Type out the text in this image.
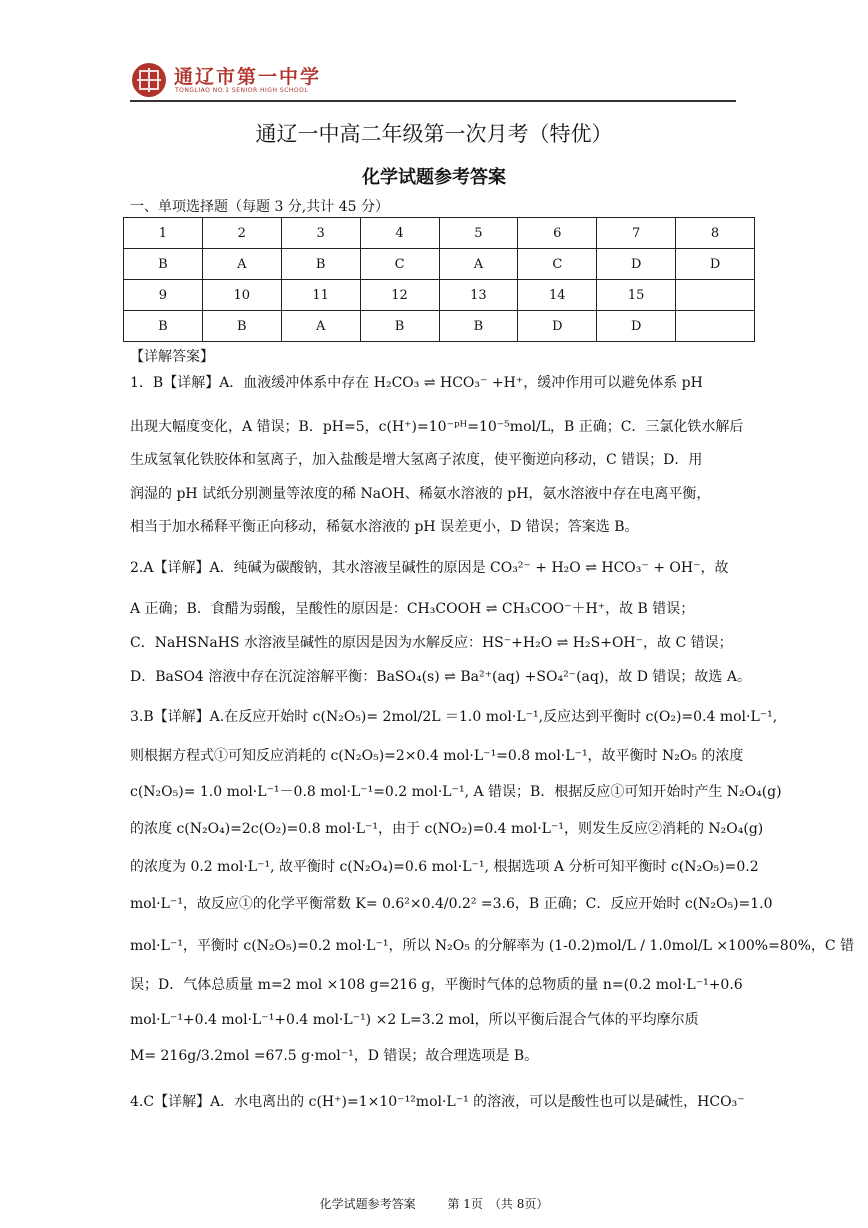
通辽市第一中学
TONGLIAO NO.1 SENIOR HIGH SCHOOL
通辽一中高二年级第一次月考（特优）
化学试题参考答案
一、单项选择题（每题 3 分,共计 45 分）
1	2	3	4	5	6	7	8
B	A	B	C	A	C	D	D
9	10	11	12	13	14	15	
B	B	A	B	B	D	D	
【详解答案】
1．B【详解】A．血液缓冲体系中存在 H₂CO₃ ⇌ HCO₃⁻ +H⁺，缓冲作用可以避免体系 pH
出现大幅度变化，A 错误；B．pH=5，c(H⁺)=10⁻ᵖᴴ=10⁻⁵mol/L，B 正确；C．三氯化铁水解后
生成氢氧化铁胶体和氢离子，加入盐酸是增大氢离子浓度，使平衡逆向移动，C 错误；D．用
润湿的 pH 试纸分别测量等浓度的稀 NaOH、稀氨水溶液的 pH，氨水溶液中存在电离平衡，
相当于加水稀释平衡正向移动，稀氨水溶液的 pH 误差更小，D 错误；答案选 B。
2.A【详解】A．纯碱为碳酸钠，其水溶液呈碱性的原因是 CO₃²⁻ + H₂O ⇌ HCO₃⁻ + OH⁻，故
A 正确；B．食醋为弱酸，呈酸性的原因是：CH₃COOH ⇌ CH₃COO⁻＋H⁺，故 B 错误；
C．NaHSNaHS 水溶液呈碱性的原因是因为水解反应：HS⁻+H₂O ⇌ H₂S+OH⁻，故 C 错误；
D．BaSO4 溶液中存在沉淀溶解平衡：BaSO₄(s) ⇌ Ba²⁺(aq) +SO₄²⁻(aq)，故 D 错误；故选 A。
3.B【详解】A.在反应开始时 c(N₂O₅)= 2mol/2L ＝1.0 mol·L⁻¹,反应达到平衡时 c(O₂)=0.4 mol·L⁻¹,
则根据方程式①可知反应消耗的 c(N₂O₅)=2×0.4 mol·L⁻¹=0.8 mol·L⁻¹，故平衡时 N₂O₅ 的浓度
c(N₂O₅)= 1.0 mol·L⁻¹－0.8 mol·L⁻¹=0.2 mol·L⁻¹, A 错误；B．根据反应①可知开始时产生 N₂O₄(g)
的浓度 c(N₂O₄)=2c(O₂)=0.8 mol·L⁻¹，由于 c(NO₂)=0.4 mol·L⁻¹，则发生反应②消耗的 N₂O₄(g)
的浓度为 0.2 mol·L⁻¹, 故平衡时 c(N₂O₄)=0.6 mol·L⁻¹, 根据选项 A 分析可知平衡时 c(N₂O₅)=0.2
mol·L⁻¹，故反应①的化学平衡常数 K= 0.6²×0.4/0.2² =3.6，B 正确；C．反应开始时 c(N₂O₅)=1.0
mol·L⁻¹，平衡时 c(N₂O₅)=0.2 mol·L⁻¹，所以 N₂O₅ 的分解率为 (1-0.2)mol/L / 1.0mol/L ×100%=80%，C 错
误；D．气体总质量 m=2 mol ×108 g=216 g，平衡时气体的总物质的量 n=(0.2 mol·L⁻¹+0.6
mol·L⁻¹+0.4 mol·L⁻¹+0.4 mol·L⁻¹) ×2 L=3.2 mol，所以平衡后混合气体的平均摩尔质
M= 216g/3.2mol =67.5 g·mol⁻¹，D 错误；故合理选项是 B。
4.C【详解】A．水电离出的 c(H⁺)=1×10⁻¹²mol·L⁻¹ 的溶液，可以是酸性也可以是碱性，HCO₃⁻
化学试题参考答案	第 1页　（共 8页）
